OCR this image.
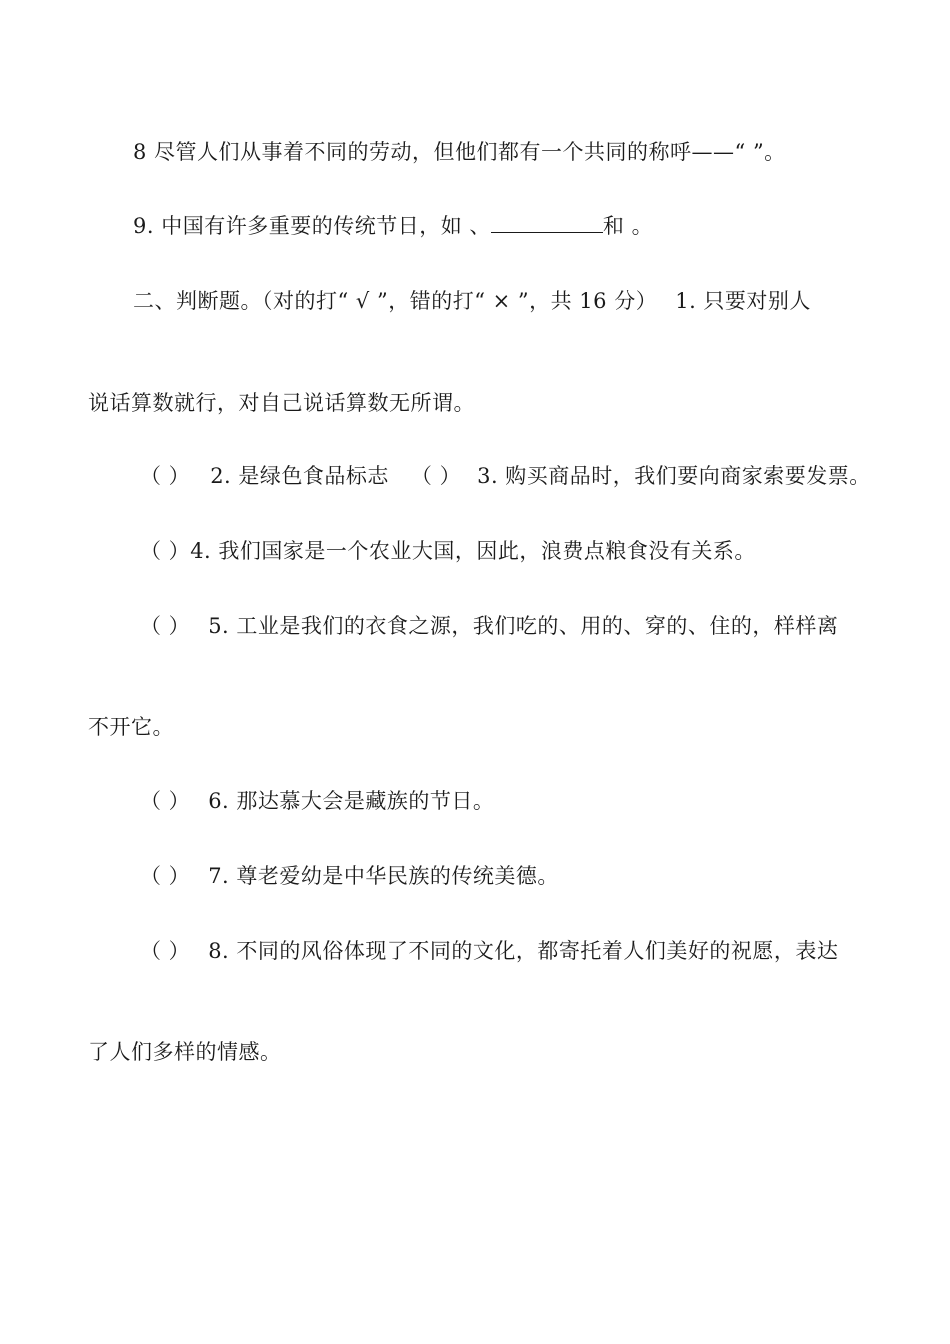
8 尽管人们从事着不同的劳动，但他们都有一个共同的称呼——“ ”。
9. 中国有许多重要的传统节日，如 、	和 。
二、判断题。（对的打“ √ ”，错的打“ × ”，共 16 分） 1. 只要对别人
说话算数就行，对自己说话算数无所谓。
（ ） 2. 是绿色食品标志 （ ） 3. 购买商品时，我们要向商家索要发票。
（ ）4. 我们国家是一个农业大国，因此，浪费点粮食没有关系。
（ ） 5. 工业是我们的衣食之源，我们吃的、用的、穿的、住的，样样离
不开它。
（ ） 6. 那达慕大会是藏族的节日。
（ ） 7. 尊老爱幼是中华民族的传统美德。
（ ） 8. 不同的风俗体现了不同的文化，都寄托着人们美好的祝愿，表达
了人们多样的情感。
